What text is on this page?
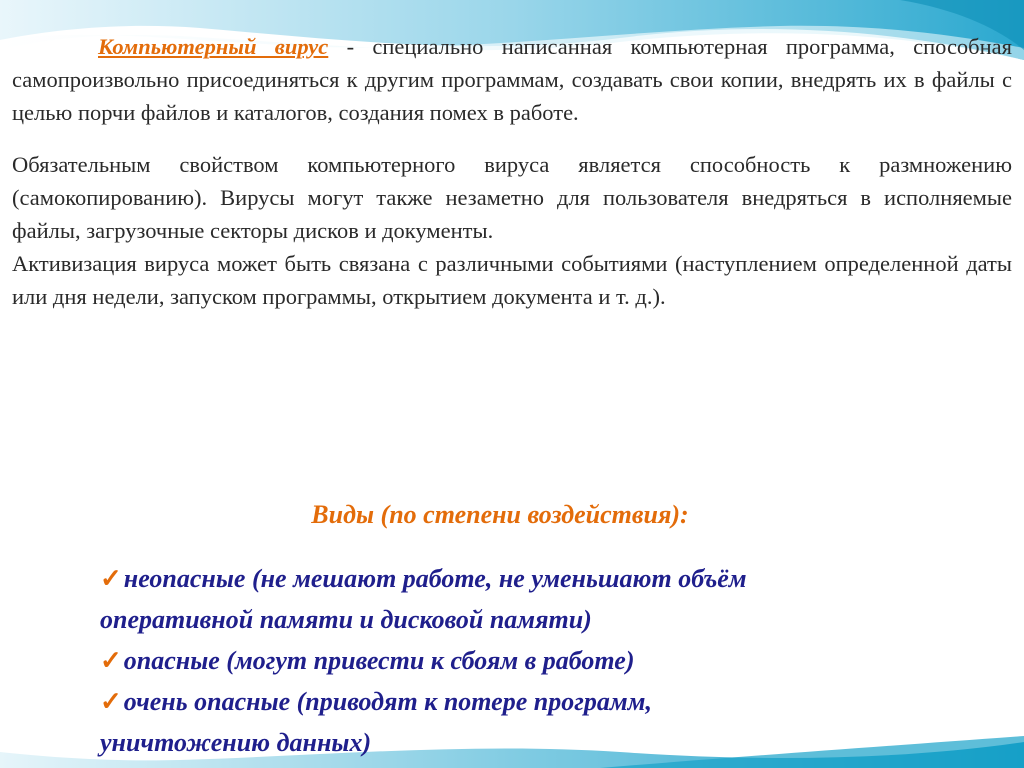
Компьютерный вирус - специально написанная компьютерная программа, способная самопроизвольно присоединяться к другим программам, создавать свои копии, внедрять их в файлы с целью порчи файлов и каталогов, создания помех в работе.

Обязательным свойством компьютерного вируса является способность к размножению (самокопированию). Вирусы могут также незаметно для пользователя внедряться в исполняемые файлы, загрузочные секторы дисков и документы.

Активизация вируса может быть связана с различными событиями (наступлением определенной даты или дня недели, запуском программы, открытием документа и т. д.).

Виды (по степени воздействия):
✓неопасные (не мешают работе, не уменьшают объём
оперативной памяти и дисковой памяти)
✓опасные (могут привести к сбоям в работе)
✓очень опасные (приводят к потере программ,
уничтожению данных)
